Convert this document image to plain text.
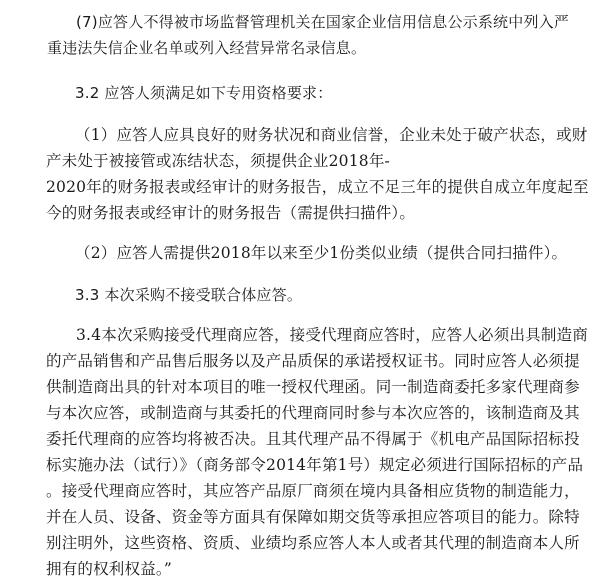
(7)应答人不得被市场监督管理机关在国家企业信用信息公示系统中列入严
重违法失信企业名单或列入经营异常名录信息。
3.2 应答人须满足如下专用资格要求：
（1）应答人应具良好的财务状况和商业信誉，企业未处于破产状态，或财
产未处于被接管或冻结状态，须提供企业2018年-
2020年的财务报表或经审计的财务报告，成立不足三年的提供自成立年度起至
今的财务报表或经审计的财务报告（需提供扫描件）。
（2）应答人需提供2018年以来至少1份类似业绩（提供合同扫描件）。
3.3 本次采购不接受联合体应答。
3.4本次采购接受代理商应答，接受代理商应答时，应答人必须出具制造商
的产品销售和产品售后服务以及产品质保的承诺授权证书。同时应答人必须提
供制造商出具的针对本项目的唯一授权代理函。同一制造商委托多家代理商参
与本次应答，或制造商与其委托的代理商同时参与本次应答的，该制造商及其
委托代理商的应答均将被否决。且其代理产品不得属于《机电产品国际招标投
标实施办法（试行）》（商务部令2014年第1号）规定必须进行国际招标的产品
。接受代理商应答时，其应答产品原厂商须在境内具备相应货物的制造能力，
并在人员、设备、资金等方面具有保障如期交货等承担应答项目的能力。除特
别注明外，这些资格、资质、业绩均系应答人本人或者其代理的制造商本人所
拥有的权利权益。”
